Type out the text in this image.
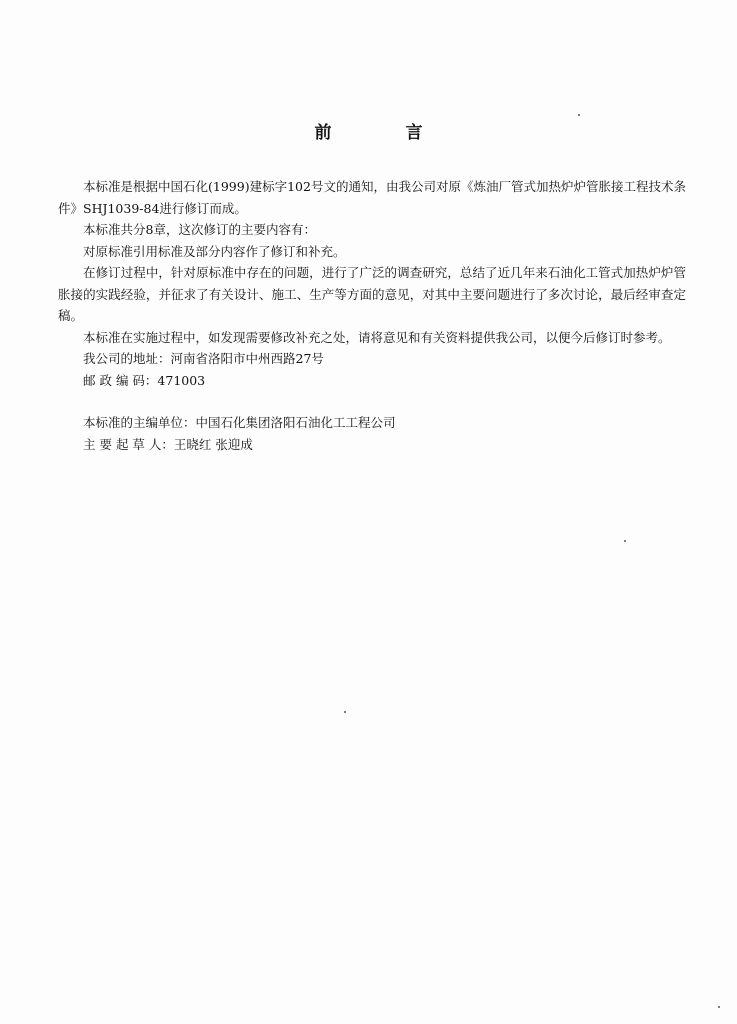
前 言

本标准是根据中国石化(1999)建标字102号文的通知，由我公司对原《炼油厂管式加热炉炉管胀接工程技术条件》SHJ1039-84进行修订而成。

本标准共分8章，这次修订的主要内容有：

对原标准引用标准及部分内容作了修订和补充。

在修订过程中，针对原标准中存在的问题，进行了广泛的调查研究，总结了近几年来石油化工管式加热炉炉管胀接的实践经验，并征求了有关设计、施工、生产等方面的意见，对其中主要问题进行了多次讨论，最后经审查定稿。

本标准在实施过程中，如发现需要修改补充之处，请将意见和有关资料提供我公司，以便今后修订时参考。

我公司的地址：河南省洛阳市中州西路27号

邮 政 编 码：471003

本标准的主编单位：中国石化集团洛阳石油化工工程公司

主 要 起 草 人：王晓红 张迎成
